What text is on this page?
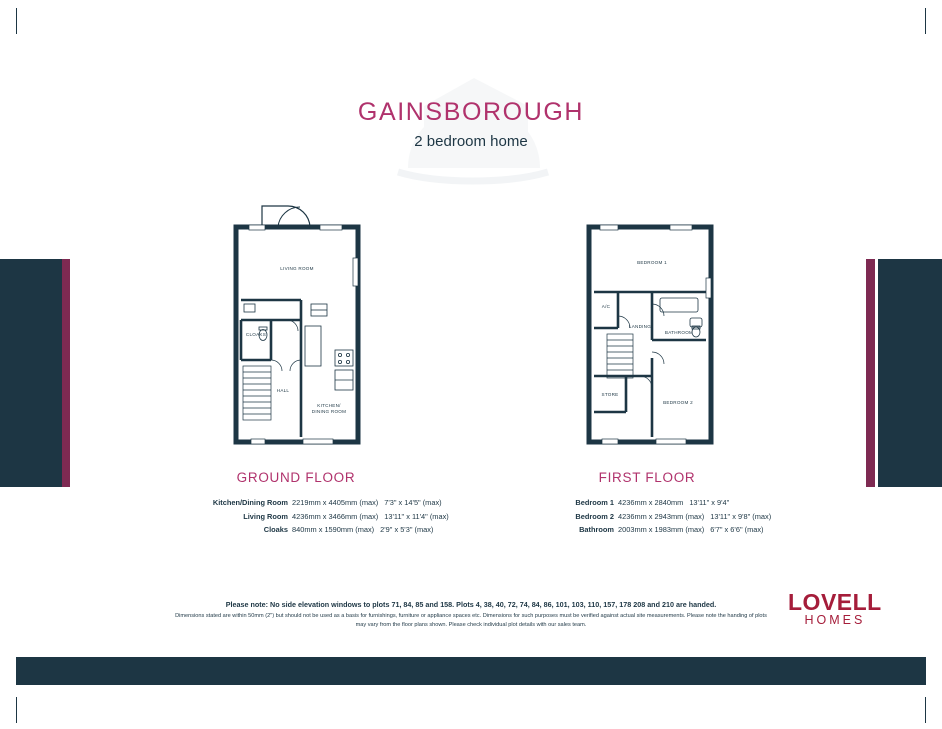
GAINSBOROUGH
2 bedroom home
LIVING ROOM
CLOAKS
HALL
KITCHEN/
DINING ROOM
BEDROOM 1
A/C
LANDING
BATHROOM
STORE
BEDROOM 2
GROUND FLOOR	FIRST FLOOR
Kitchen/Dining Room 2219mm x 4405mm (max) 7'3" x 14'5" (max)
Living Room 4236mm x 3466mm (max) 13'11" x 11'4" (max)
Cloaks 840mm x 1590mm (max) 2'9" x 5'3" (max)
Bedroom 1 4236mm x 2840mm 13'11" x 9'4"
Bedroom 2 4236mm x 2943mm (max) 13'11" x 9'8" (max)
Bathroom 2003mm x 1983mm (max) 6'7" x 6'6" (max)
Please note: No side elevation windows to plots 71, 84, 85 and 158. Plots 4, 38, 40, 72, 74, 84, 86, 101, 103, 110, 157, 178 208 and 210 are handed.
Dimensions stated are within 50mm (2") but should not be used as a basis for furnishings, furniture or appliance spaces etc. Dimensions for such purposes must be verified against actual site measurements. Please note the handing of plots may vary from the floor plans shown. Please check individual plot details with our sales team.
LOVELL
HOMES
